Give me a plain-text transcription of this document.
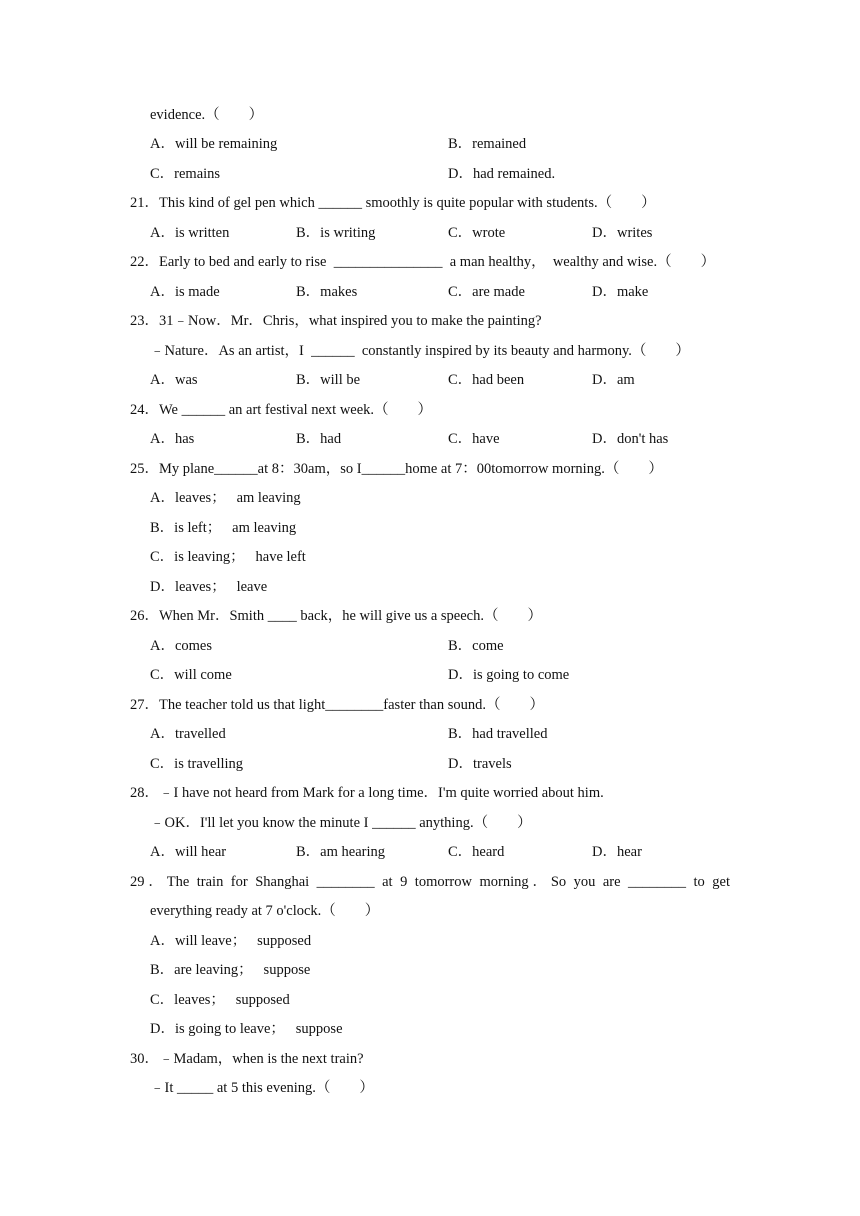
evidence.（        ）
A．will be remaining	B．remained
C．remains	D．had remained.
21．This kind of gel pen which ______ smoothly is quite popular with students.（        ）
A．is written	B．is writing	C．wrote	D．writes
22．Early to bed and early to rise  _______________  a man healthy，  wealthy and wise.（        ）
A．is made	B．makes	C．are made	D．make
23．31﹣Now．Mr．Chris，what inspired you to make the painting?
﹣Nature．As an artist，I  ______  constantly inspired by its beauty and harmony.（        ）
A．was	B．will be	C．had been	D．am
24．We ______ an art festival next week.（        ）
A．has	B．had	C．have	D．don't has
25．My plane______at 8：30am，so I______home at 7：00tomorrow morning.（        ）
A．leaves；   am leaving
B．is left；   am leaving
C．is leaving；   have left
D．leaves；   leave
26．When Mr．Smith ____ back，he will give us a speech.（        ）
A．comes	B．come
C．will come	D．is going to come
27．The teacher told us that light________faster than sound.（        ）
A．travelled	B．had travelled
C．is travelling	D．travels
28．﹣I have not heard from Mark for a long time．I'm quite worried about him.
﹣OK．I'll let you know the minute I ______ anything.（        ）
A．will hear	B．am hearing	C．heard	D．hear
29．The train for Shanghai ________ at 9 tomorrow morning．So you are ________ to get
everything ready at 7 o'clock.（        ）
A．will leave；   supposed
B．are leaving；   suppose
C．leaves；   supposed
D．is going to leave；   suppose
30．﹣Madam，when is the next train?
﹣It _____ at 5 this evening.（        ）
